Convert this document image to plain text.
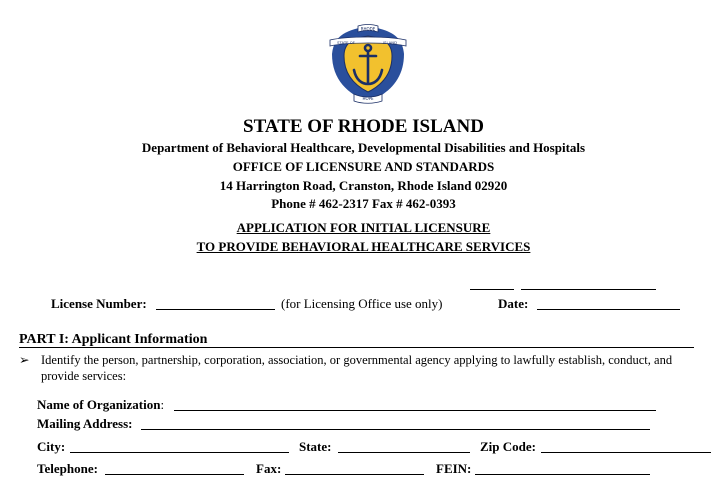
RHODE
STATE OF	ISLAND
HOPE
STATE OF RHODE ISLAND
Department of Behavioral Healthcare, Developmental Disabilities and Hospitals
OFFICE OF LICENSURE AND STANDARDS
14 Harrington Road, Cranston, Rhode Island 02920
Phone # 462-2317 Fax # 462-0393
APPLICATION FOR INITIAL LICENSURE
TO PROVIDE BEHAVIORAL HEALTHCARE SERVICES
License Number:	(for Licensing Office use only)	Date:
PART I: Applicant Information
➢ Identify the person, partnership, corporation, association, or governmental agency applying to lawfully establish, conduct, and provide services:
Name of Organization:
Mailing Address:
City:	State:	Zip Code:
Telephone:	Fax:	FEIN:
